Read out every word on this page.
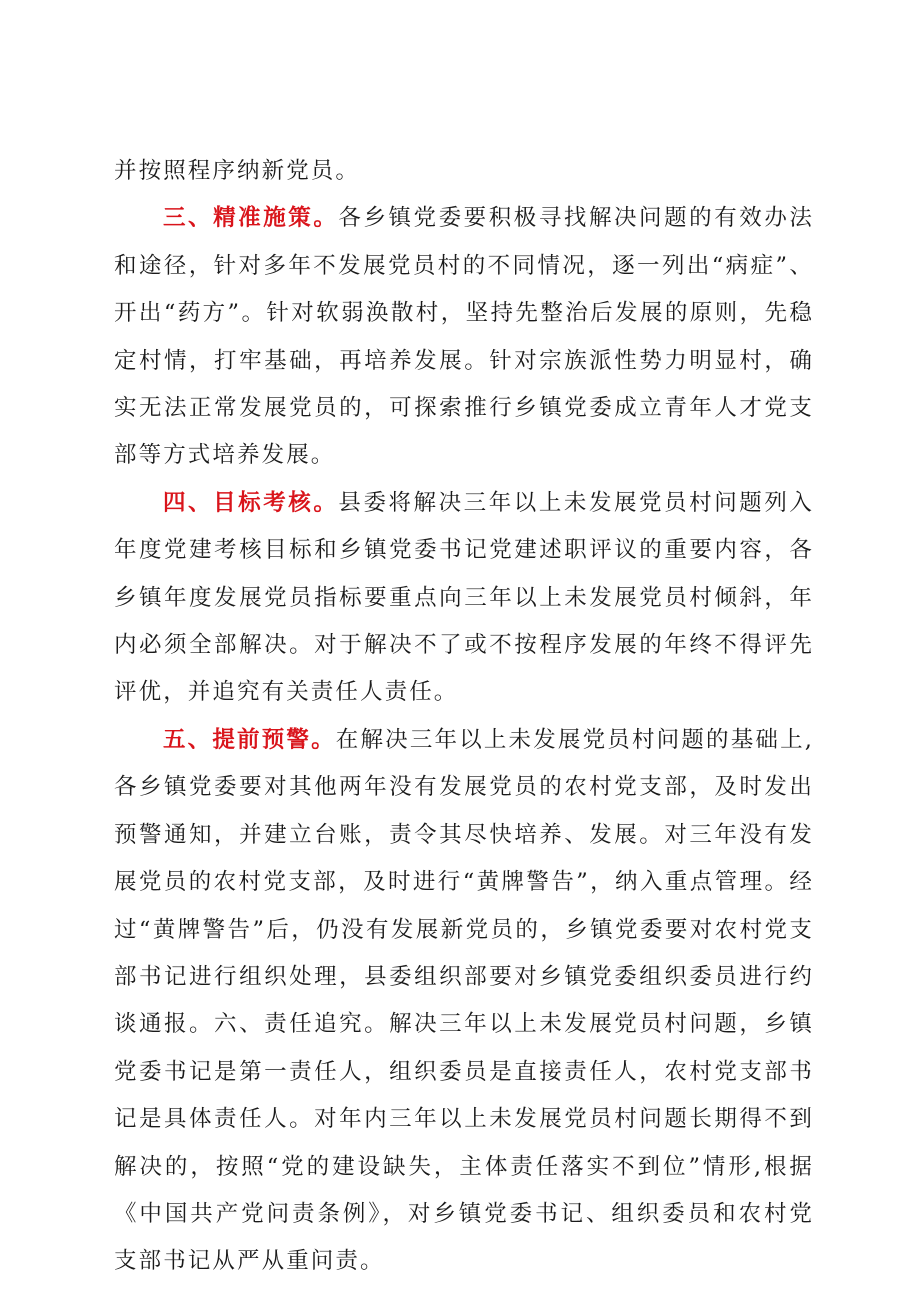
并按照程序纳新党员。

三、精准施策。各乡镇党委要积极寻找解决问题的有效办法和途径，针对多年不发展党员村的不同情况，逐一列出“病症”、开出“药方”。针对软弱涣散村，坚持先整治后发展的原则，先稳定村情，打牢基础，再培养发展。针对宗族派性势力明显村，确实无法正常发展党员的，可探索推行乡镇党委成立青年人才党支部等方式培养发展。

四、目标考核。县委将解决三年以上未发展党员村问题列入年度党建考核目标和乡镇党委书记党建述职评议的重要内容，各乡镇年度发展党员指标要重点向三年以上未发展党员村倾斜，年内必须全部解决。对于解决不了或不按程序发展的年终不得评先评优，并追究有关责任人责任。

五、提前预警。在解决三年以上未发展党员村问题的基础上,各乡镇党委要对其他两年没有发展党员的农村党支部，及时发出预警通知，并建立台账，责令其尽快培养、发展。对三年没有发展党员的农村党支部，及时进行“黄牌警告”，纳入重点管理。经过“黄牌警告”后，仍没有发展新党员的，乡镇党委要对农村党支部书记进行组织处理，县委组织部要对乡镇党委组织委员进行约谈通报。六、责任追究。解决三年以上未发展党员村问题，乡镇党委书记是第一责任人，组织委员是直接责任人，农村党支部书记是具体责任人。对年内三年以上未发展党员村问题长期得不到解决的，按照“党的建设缺失，主体责任落实不到位”情形,根据《中国共产党问责条例》，对乡镇党委书记、组织委员和农村党支部书记从严从重问责。
